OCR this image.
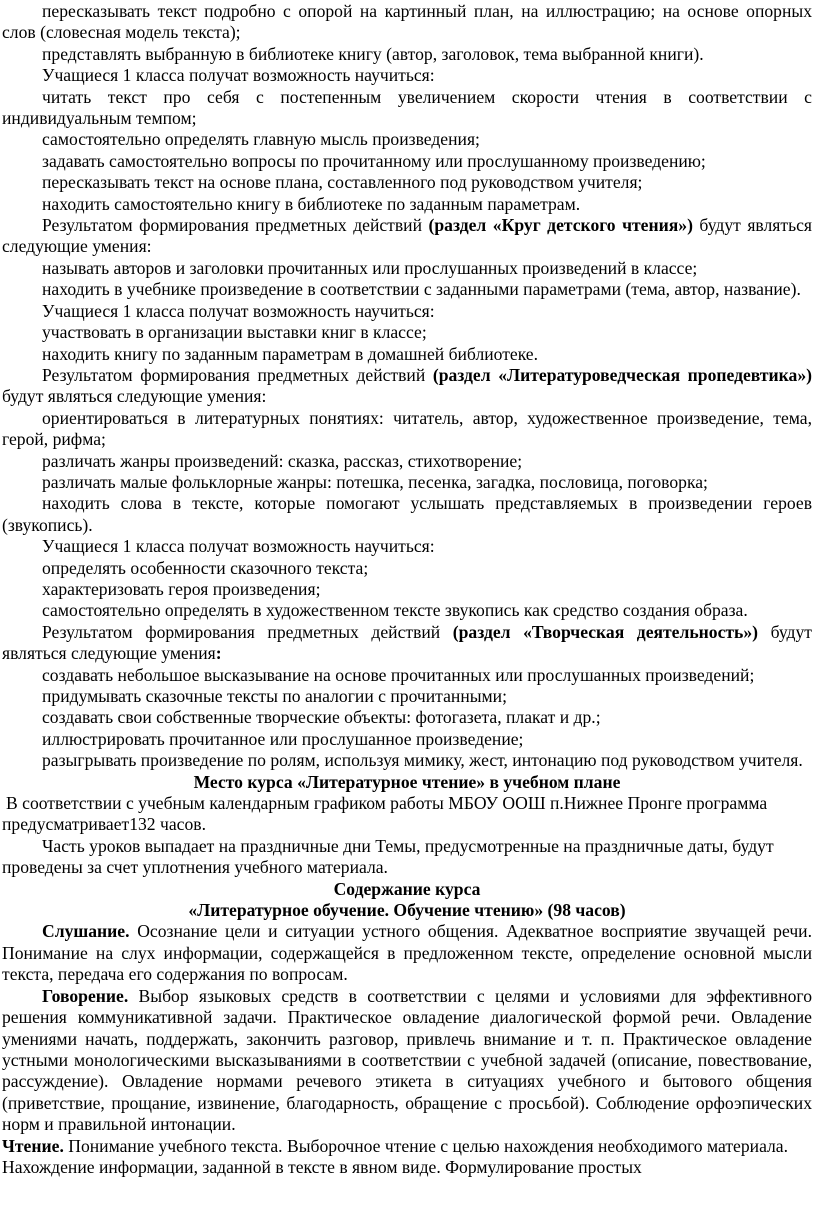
пересказывать текст подробно с опорой на картинный план, на иллюстрацию; на основе опорных слов (словесная модель текста);

представлять выбранную в библиотеке книгу (автор, заголовок, тема выбранной книги).

Учащиеся 1 класса получат возможность научиться:

читать текст про себя с постепенным увеличением скорости чтения в соответствии с индивидуальным темпом;

самостоятельно определять главную мысль произведения;

задавать самостоятельно вопросы по прочитанному или прослушанному произведению;

пересказывать текст на основе плана, составленного под руководством учителя;

находить самостоятельно книгу в библиотеке по заданным параметрам.

Результатом формирования предметных действий (раздел «Круг детского чтения») будут являться следующие умения:

называть авторов и заголовки прочитанных или прослушанных произведений в классе;

находить в учебнике произведение в соответствии с заданными параметрами (тема, автор, название).

Учащиеся 1 класса получат возможность научиться:

участвовать в организации выставки книг в классе;

находить книгу по заданным параметрам в домашней библиотеке.

Результатом формирования предметных действий (раздел «Литературоведческая пропедевтика») будут являться следующие умения:

ориентироваться в литературных понятиях: читатель, автор, художественное произведение, тема, герой, рифма;

различать жанры произведений: сказка, рассказ, стихотворение;

различать малые фольклорные жанры: потешка, песенка, загадка, пословица, поговорка;

находить слова в тексте, которые помогают услышать представляемых в произведении героев (звукопись).

Учащиеся 1 класса получат возможность научиться:

определять особенности сказочного текста;

характеризовать героя произведения;

самостоятельно определять в художественном тексте звукопись как средство создания образа.

Результатом формирования предметных действий (раздел «Творческая деятельность») будут являться следующие умения:

создавать небольшое высказывание на основе прочитанных или прослушанных произведений;

придумывать сказочные тексты по аналогии с прочитанными;

создавать свои собственные творческие объекты: фотогазета, плакат и др.;

иллюстрировать прочитанное или прослушанное произведение;

разыгрывать произведение по ролям, используя мимику, жест, интонацию под руководством учителя.

Место курса «Литературное чтение» в учебном плане

В соответствии с учебным календарным графиком работы МБОУ ООШ п.Нижнее Пронге программа предусматривает132 часов.

Часть уроков выпадает на праздничные дни Темы, предусмотренные на праздничные даты, будут проведены за счет уплотнения учебного материала.

Содержание курса

«Литературное обучение. Обучение чтению» (98 часов)

Слушание. Осознание цели и ситуации устного общения. Адекватное восприятие звучащей речи. Понимание на слух информации, содержащейся в предложенном тексте, определение основной мысли текста, передача его содержания по вопросам.

Говорение. Выбор языковых средств в соответствии с целями и условиями для эффективного решения коммуникативной задачи. Практическое овладение диалогической формой речи. Овладение умениями начать, поддержать, закончить разговор, привлечь внимание и т. п. Практическое овладение устными монологическими высказываниями в соответствии с учебной задачей (описание, повествование, рассуждение). Овладение нормами речевого этикета в ситуациях учебного и бытового общения (приветствие, прощание, извинение, благодарность, обращение с просьбой). Соблюдение орфоэпических норм и правильной интонации.

Чтение. Понимание учебного текста. Выборочное чтение с целью нахождения необходимого материала. Нахождение информации, заданной в тексте в явном виде. Формулирование простых
